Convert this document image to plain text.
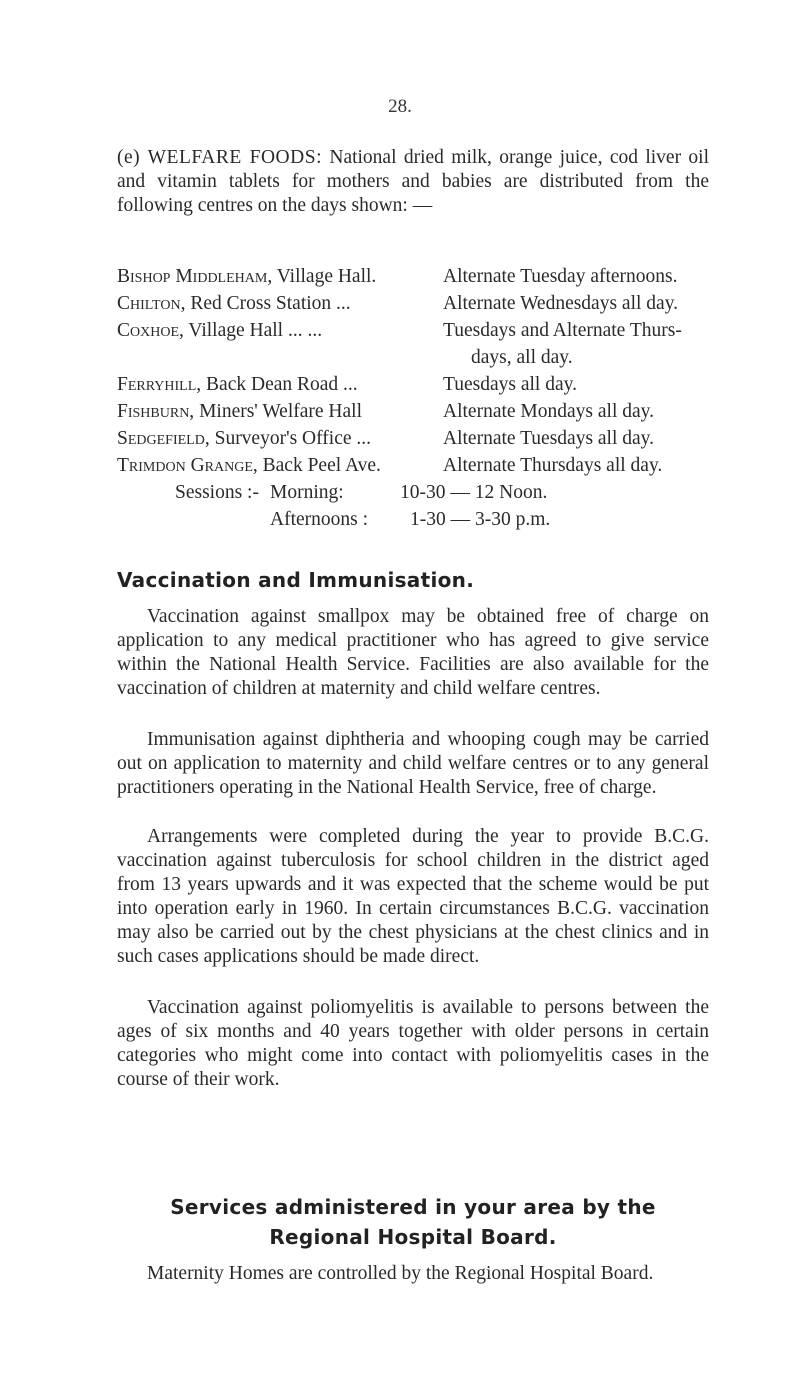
28.

(e) WELFARE FOODS: National dried milk, orange juice, cod liver oil and vitamin tablets for mothers and babies are distributed from the following centres on the days shown: —

Bishop Middleham, Village Hall.	Alternate Tuesday afternoons.
Chilton, Red Cross Station ...	Alternate Wednesdays all day.
Coxhoe, Village Hall ... ...	Tuesdays and Alternate Thurs-
days, all day.
Ferryhill, Back Dean Road ...	Tuesdays all day.
Fishburn, Miners' Welfare Hall	Alternate Mondays all day.
Sedgefield, Surveyor's Office ...	Alternate Tuesdays all day.
Trimdon Grange, Back Peel Ave.	Alternate Thursdays all day.
Sessions :- Morning:	10-30 — 12 Noon.
Afternoons : 1-30 — 3-30 p.m.
Vaccination and Immunisation.

Vaccination against smallpox may be obtained free of charge on application to any medical practitioner who has agreed to give service within the National Health Service. Facilities are also available for the vaccination of children at maternity and child welfare centres.

Immunisation against diphtheria and whooping cough may be carried out on application to maternity and child welfare centres or to any general practitioners operating in the National Health Service, free of charge.

Arrangements were completed during the year to provide B.C.G. vaccination against tuberculosis for school children in the district aged from 13 years upwards and it was expected that the scheme would be put into operation early in 1960. In certain circumstances B.C.G. vaccination may also be carried out by the chest physicians at the chest clinics and in such cases applications should be made direct.

Vaccination against poliomyelitis is available to persons between the ages of six months and 40 years together with older persons in certain categories who might come into contact with poliomyelitis cases in the course of their work.

Services administered in your area by the
Regional Hospital Board.

Maternity Homes are controlled by the Regional Hospital Board.
